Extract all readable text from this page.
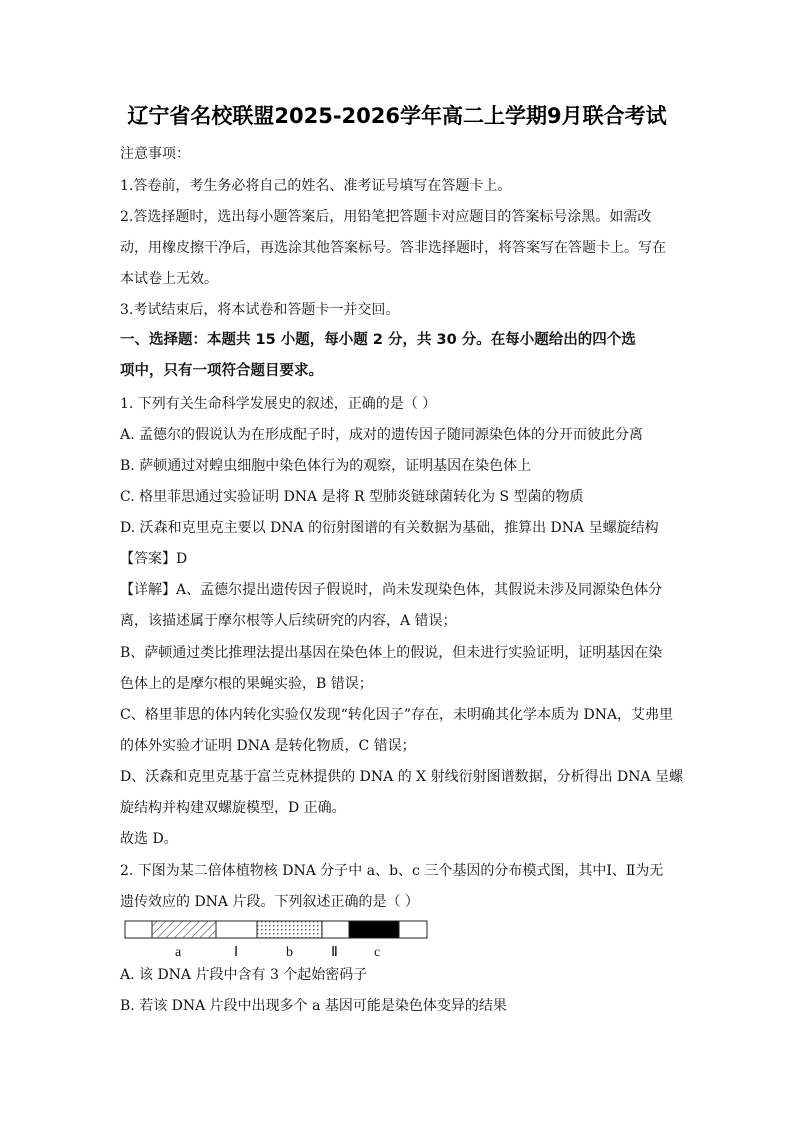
辽宁省名校联盟2025-2026学年高二上学期9月联合考试
注意事项：
1.答卷前，考生务必将自己的姓名、准考证号填写在答题卡上。
2.答选择题时，选出每小题答案后，用铅笔把答题卡对应题目的答案标号涂黑。如需改
动，用橡皮擦干净后，再选涂其他答案标号。答非选择题时，将答案写在答题卡上。写在
本试卷上无效。
3.考试结束后，将本试卷和答题卡一并交回。
一、选择题：本题共 15 小题，每小题 2 分，共 30 分。在每小题给出的四个选
项中，只有一项符合题目要求。
1. 下列有关生命科学发展史的叙述，正确的是（ ）
A. 孟德尔的假说认为在形成配子时，成对的遗传因子随同源染色体的分开而彼此分离
B. 萨顿通过对蝗虫细胞中染色体行为的观察，证明基因在染色体上
C. 格里菲思通过实验证明 DNA 是将 R 型肺炎链球菌转化为 S 型菌的物质
D. 沃森和克里克主要以 DNA 的衍射图谱的有关数据为基础，推算出 DNA 呈螺旋结构
【答案】D
【详解】A、孟德尔提出遗传因子假说时，尚未发现染色体，其假说未涉及同源染色体分
离，该描述属于摩尔根等人后续研究的内容，A 错误；
B、萨顿通过类比推理法提出基因在染色体上的假说，但未进行实验证明，证明基因在染
色体上的是摩尔根的果蝇实验，B 错误；
C、格里菲思的体内转化实验仅发现“转化因子”存在，未明确其化学本质为 DNA，艾弗里
的体外实验才证明 DNA 是转化物质，C 错误；
D、沃森和克里克基于富兰克林提供的 DNA 的 X 射线衍射图谱数据，分析得出 DNA 呈螺
旋结构并构建双螺旋模型，D 正确。
故选 D。
2. 下图为某二倍体植物核 DNA 分子中 a、b、c 三个基因的分布模式图，其中Ⅰ、Ⅱ为无
遗传效应的 DNA 片段。下列叙述正确的是（ ）
a	Ⅰ	b	Ⅱ	c
A. 该 DNA 片段中含有 3 个起始密码子
B. 若该 DNA 片段中出现多个 a 基因可能是染色体变异的结果
